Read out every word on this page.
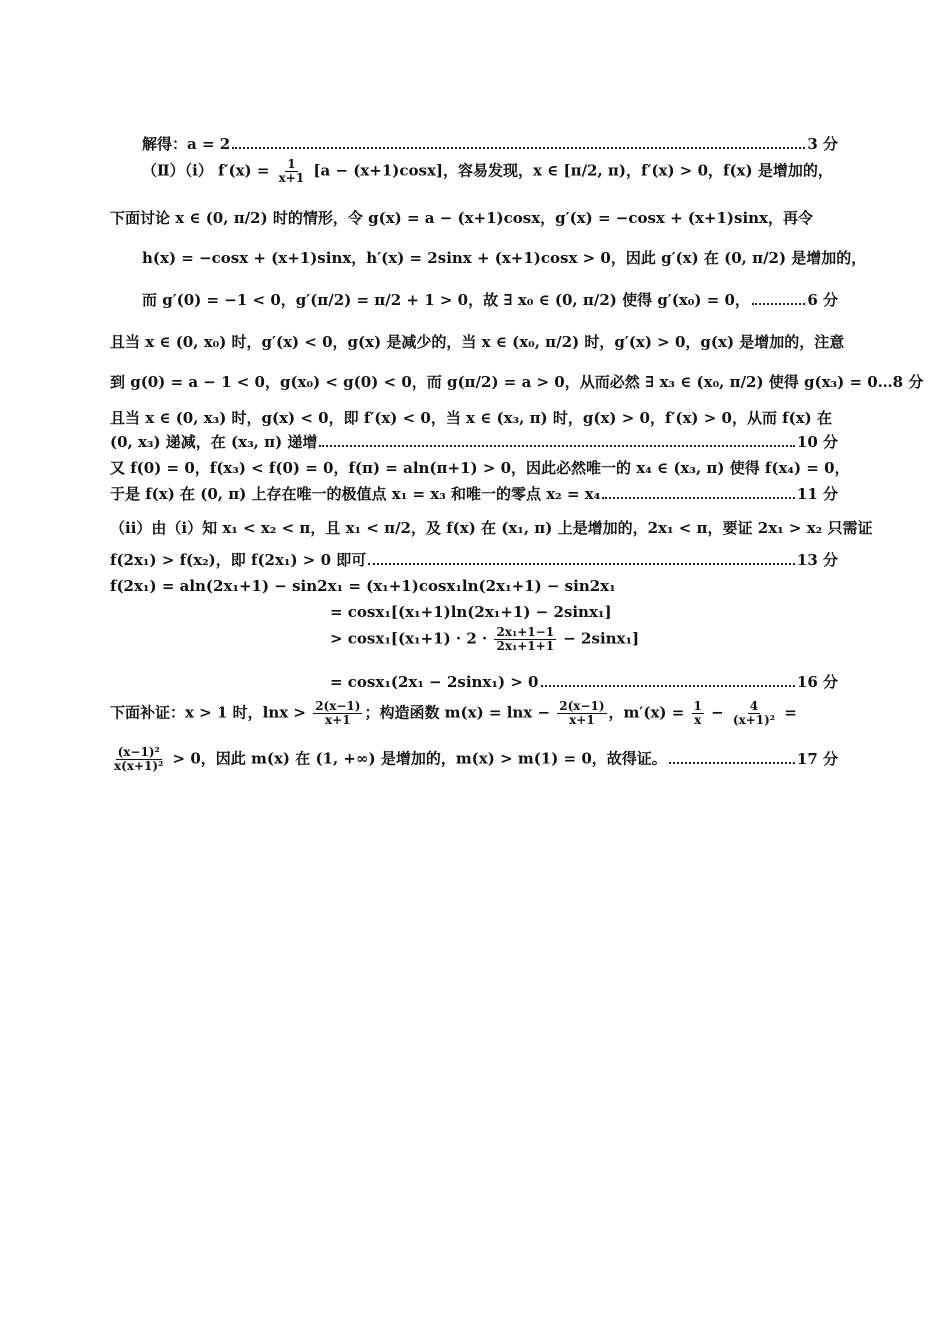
解得：a = 2	3 分
（Ⅱ）（i） $f'(x) = \frac{1}{x+1} [a - (x+1)\cos x]$，容易发现，x ∈ [π/2, π)，f′(x) > 0，f(x) 是增加的，
下面讨论 x ∈ (0, π/2) 时的情形，令 g(x) = a − (x+1)cosx，g′(x) = −cosx + (x+1)sinx，再令
h(x) = −cosx + (x+1)sinx，h′(x) = 2sinx + (x+1)cosx > 0，因此 g′(x) 在 (0, π/2) 是增加的，
而 g′(0) = −1 < 0，g′(π/2) = π/2 + 1 > 0，故 ∃ x₀ ∈ (0, π/2) 使得 g′(x₀) = 0，	6 分
且当 x ∈ (0, x₀) 时，g′(x) < 0，g(x) 是减少的，当 x ∈ (x₀, π/2) 时，g′(x) > 0，g(x) 是增加的，注意
到 g(0) = a − 1 < 0，g(x₀) < g(0) < 0，而 g(π/2) = a > 0，从而必然 ∃ x₃ ∈ (x₀, π/2) 使得 g(x₃) = 0…8 分
且当 x ∈ (0, x₃) 时，g(x) < 0，即 f′(x) < 0，当 x ∈ (x₃, π) 时，g(x) > 0，f′(x) > 0，从而 f(x) 在
(0, x₃) 递减，在 (x₃, π) 递增	10 分
又 f(0) = 0，f(x₃) < f(0) = 0，f(π) = aln(π+1) > 0，因此必然唯一的 x₄ ∈ (x₃, π) 使得 f(x₄) = 0，
于是 f(x) 在 (0, π) 上存在唯一的极值点 x₁ = x₃ 和唯一的零点 x₂ = x₄	11 分
（ii）由（i）知 x₁ < x₂ < π，且 x₁ < π/2，及 f(x) 在 (x₁, π) 上是增加的，2x₁ < π，要证 2x₁ > x₂ 只需证
f(2x₁) > f(x₂)，即 f(2x₁) > 0 即可	13 分
f(2x₁) = aln(2x₁+1) − sin2x₁ = (x₁+1)cosx₁ln(2x₁+1) − sin2x₁
= cosx₁[(x₁+1)ln(2x₁+1) − 2sinx₁]
> $\cos x_1[(x_1+1) \cdot 2 \cdot \frac{\text{2x₁+1−1}}{\text{2x₁+1+1}} - 2\sin x_1]$
= cosx₁(2x₁ − 2sinx₁) > 0	16 分
下面补证：x > 1 时，$\ln x > \frac{2(x-1)}{x+1}$ ；构造函数 $m(x) = \ln x - \frac{2(x-1)}{x+1}$ ，$m'(x) = \frac{1}{x} - \frac{4}{\text{(x+1)²}}$ =
$\frac{\text{(x−1)²}}{\text{x(x+1)²}} > 0$，因此 m(x) 在 (1, +∞) 是增加的，m(x) > m(1) = 0，故得证。	17 分
